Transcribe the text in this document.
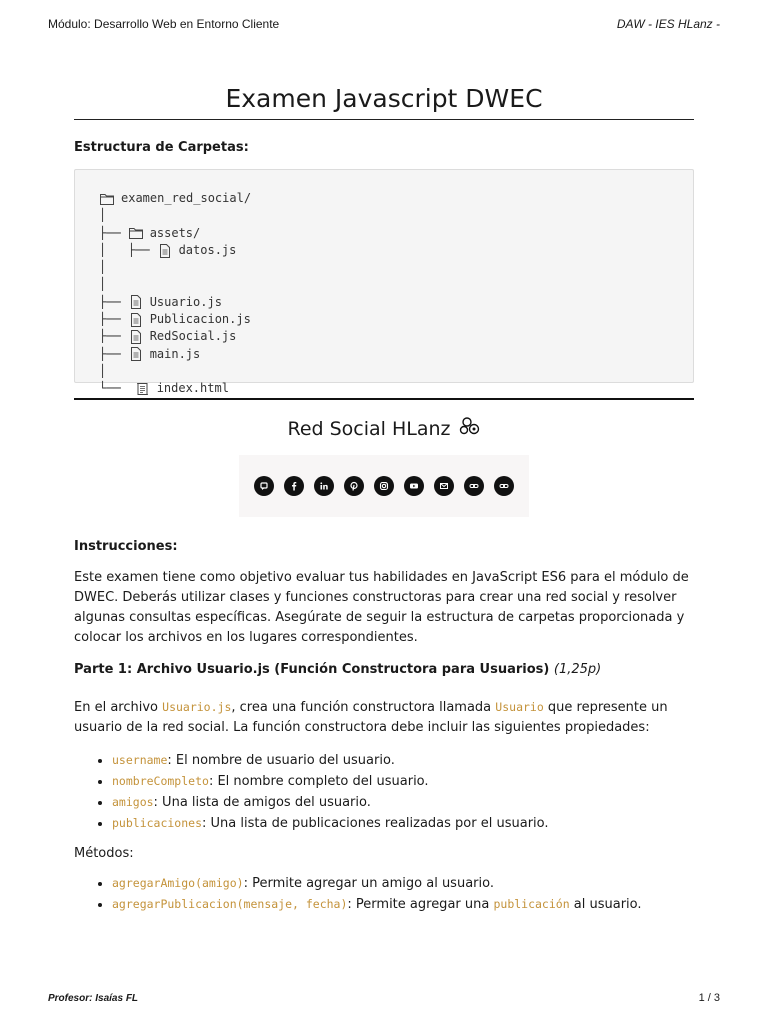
Módulo: Desarrollo Web en Entorno Cliente	DAW - IES HLanz -
Examen Javascript DWEC
Estructura de Carpetas:
examen_red_social/
│
├── assets/
│   ├── datos.js
│
│
├── Usuario.js
├── Publicacion.js
├── RedSocial.js
├── main.js
│
└──	index.html
Red Social HLanz
Instrucciones:

Este examen tiene como objetivo evaluar tus habilidades en JavaScript ES6 para el módulo de DWEC. Deberás utilizar clases y funciones constructoras para crear una red social y resolver algunas consultas específicas. Asegúrate de seguir la estructura de carpetas proporcionada y colocar los archivos en los lugares correspondientes.

Parte 1: Archivo Usuario.js (Función Constructora para Usuarios) (1,25p)

En el archivo Usuario.js, crea una función constructora llamada Usuario que represente un usuario de la red social. La función constructora debe incluir las siguientes propiedades:

• username: El nombre de usuario del usuario.
• nombreCompleto: El nombre completo del usuario.
• amigos: Una lista de amigos del usuario.
• publicaciones: Una lista de publicaciones realizadas por el usuario.
Métodos:
• agregarAmigo(amigo): Permite agregar un amigo al usuario.
• agregarPublicacion(mensaje, fecha): Permite agregar una publicación al usuario.
Profesor: Isaías FL	1 / 3
